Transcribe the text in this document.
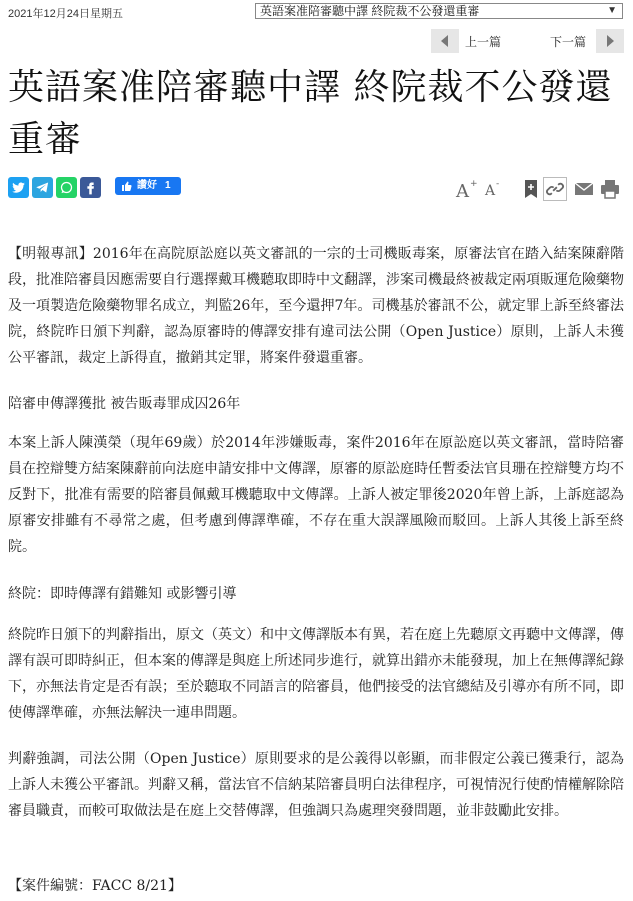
2021年12月24日星期五	英語案准陪審聽中譯 終院裁不公發還重審	▼
上一篇	下一篇
英語案准陪審聽中譯 終院裁不公發還重審
讚好 1	A + A -
【明報專訊】2016年在高院原訟庭以英文審訊的一宗的士司機販毒案，原審法官在踏入結案陳辭階段，批准陪審員因應需要自行選擇戴耳機聽取即時中文翻譯，涉案司機最終被裁定兩項販運危險藥物及一項製造危險藥物罪名成立，判監26年，至今還押7年。司機基於審訊不公，就定罪上訴至終審法院，終院昨日頒下判辭，認為原審時的傳譯安排有違司法公開（Open Justice）原則，上訴人未獲公平審訊，裁定上訴得直，撤銷其定罪，將案件發還重審。
陪審申傳譯獲批 被告販毒罪成囚26年
本案上訴人陳漢榮（現年69歲）於2014年涉嫌販毒，案件2016年在原訟庭以英文審訊，當時陪審員在控辯雙方結案陳辭前向法庭申請安排中文傳譯，原審的原訟庭時任暫委法官貝珊在控辯雙方均不反對下，批准有需要的陪審員佩戴耳機聽取中文傳譯。上訴人被定罪後2020年曾上訴，上訴庭認為原審安排雖有不尋常之處，但考慮到傳譯準確，不存在重大誤譯風險而駁回。上訴人其後上訴至終院。
終院：即時傳譯有錯難知 或影響引導
終院昨日頒下的判辭指出，原文（英文）和中文傳譯版本有異，若在庭上先聽原文再聽中文傳譯，傳譯有誤可即時糾正，但本案的傳譯是與庭上所述同步進行，就算出錯亦未能發現，加上在無傳譯紀錄下，亦無法肯定是否有誤；至於聽取不同語言的陪審員，他們接受的法官總結及引導亦有所不同，即使傳譯準確，亦無法解決一連串問題。
判辭強調，司法公開（Open Justice）原則要求的是公義得以彰顯，而非假定公義已獲秉行，認為上訴人未獲公平審訊。判辭又稱，當法官不信納某陪審員明白法律程序，可視情況行使酌情權解除陪審員職責，而較可取做法是在庭上交替傳譯，但強調只為處理突發問題，並非鼓勵此安排。
【案件編號：FACC 8/21】
